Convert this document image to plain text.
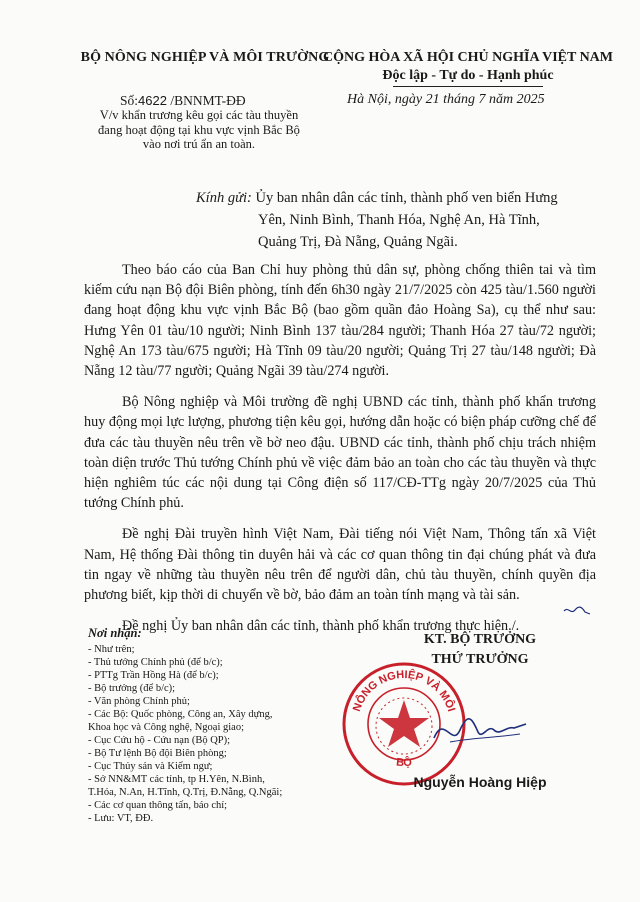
BỘ NÔNG NGHIỆP VÀ MÔI TRƯỜNG
CỘNG HÒA XÃ HỘI CHỦ NGHĨA VIỆT NAM
Độc lập - Tự do - Hạnh phúc
Số:4622 /BNNMT-ĐĐ
V/v khẩn trương kêu gọi các tàu thuyền
đang hoạt động tại khu vực vịnh Bắc Bộ
vào nơi trú ẩn an toàn.
Hà Nội, ngày 21 tháng 7 năm 2025
Kính gửi: Ủy ban nhân dân các tỉnh, thành phố ven biển Hưng
Yên, Ninh Bình, Thanh Hóa, Nghệ An, Hà Tĩnh,
Quảng Trị, Đà Nẵng, Quảng Ngãi.

Theo báo cáo của Ban Chỉ huy phòng thủ dân sự, phòng chống thiên tai và tìm kiếm cứu nạn Bộ đội Biên phòng, tính đến 6h30 ngày 21/7/2025 còn 425 tàu/1.560 người đang hoạt động khu vực vịnh Bắc Bộ (bao gồm quần đảo Hoàng Sa), cụ thể như sau: Hưng Yên 01 tàu/10 người; Ninh Bình 137 tàu/284 người; Thanh Hóa 27 tàu/72 người; Nghệ An 173 tàu/675 người; Hà Tĩnh 09 tàu/20 người; Quảng Trị 27 tàu/148 người; Đà Nẵng 12 tàu/77 người; Quảng Ngãi 39 tàu/274 người.

Bộ Nông nghiệp và Môi trường đề nghị UBND các tỉnh, thành phố khẩn trương huy động mọi lực lượng, phương tiện kêu gọi, hướng dẫn hoặc có biện pháp cưỡng chế để đưa các tàu thuyền nêu trên về bờ neo đậu. UBND các tỉnh, thành phố chịu trách nhiệm toàn diện trước Thủ tướng Chính phủ về việc đảm bảo an toàn cho các tàu thuyền và thực hiện nghiêm túc các nội dung tại Công điện số 117/CĐ-TTg ngày 20/7/2025 của Thủ tướng Chính phủ.

Đề nghị Đài truyền hình Việt Nam, Đài tiếng nói Việt Nam, Thông tấn xã Việt Nam, Hệ thống Đài thông tin duyên hải và các cơ quan thông tin đại chúng phát và đưa tin ngay về những tàu thuyền nêu trên để người dân, chủ tàu thuyền, chính quyền địa phương biết, kịp thời di chuyển về bờ, bảo đảm an toàn tính mạng và tài sản.

Đề nghị Ủy ban nhân dân các tỉnh, thành phố khẩn trương thực hiện./.

Nơi nhận:
- Như trên;
- Thủ tướng Chính phủ (để b/c);
- PTTg Trần Hồng Hà (để b/c);
- Bộ trưởng (để b/c);
- Văn phòng Chính phủ;
- Các Bộ: Quốc phòng, Công an, Xây dựng,
Khoa học và Công nghệ, Ngoại giao;
- Cục Cứu hộ - Cứu nạn (Bộ QP);
- Bộ Tư lệnh Bộ đội Biên phòng;
- Cục Thủy sản và Kiểm ngư;
- Sở NN&MT các tỉnh, tp H.Yên, N.Bình,
T.Hóa, N.An, H.Tĩnh, Q.Trị, Đ.Nẵng, Q.Ngãi;
- Các cơ quan thông tấn, báo chí;
- Lưu: VT, ĐĐ.
NÔNG NGHIỆP VÀ MÔI
BỘ
KT. BỘ TRƯỞNG
THỨ TRƯỞNG
Nguyễn Hoàng Hiệp
